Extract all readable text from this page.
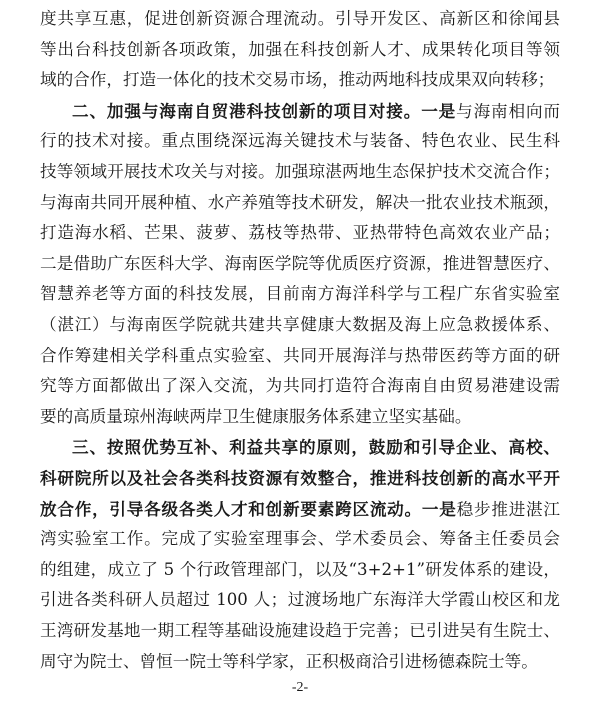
度共享互惠，促进创新资源合理流动。引导开发区、高新区和徐闻县
等出台科技创新各项政策，加强在科技创新人才、成果转化项目等领
域的合作，打造一体化的技术交易市场，推动两地科技成果双向转移；
二、加强与海南自贸港科技创新的项目对接。一是与海南相向而
行的技术对接。重点围绕深远海关键技术与装备、特色农业、民生科
技等领域开展技术攻关与对接。加强琼湛两地生态保护技术交流合作；
与海南共同开展种植、水产养殖等技术研发，解决一批农业技术瓶颈，
打造海水稻、芒果、菠萝、荔枝等热带、亚热带特色高效农业产品；
二是借助广东医科大学、海南医学院等优质医疗资源，推进智慧医疗、
智慧养老等方面的科技发展，目前南方海洋科学与工程广东省实验室
（湛江）与海南医学院就共建共享健康大数据及海上应急救援体系、
合作筹建相关学科重点实验室、共同开展海洋与热带医药等方面的研
究等方面都做出了深入交流，为共同打造符合海南自由贸易港建设需
要的高质量琼州海峡两岸卫生健康服务体系建立坚实基础。
三、按照优势互补、利益共享的原则，鼓励和引导企业、高校、
科研院所以及社会各类科技资源有效整合，推进科技创新的高水平开
放合作，引导各级各类人才和创新要素跨区流动。一是稳步推进湛江
湾实验室工作。完成了实验室理事会、学术委员会、筹备主任委员会
的组建，成立了 5 个行政管理部门，以及“3+2+1”研发体系的建设，
引进各类科研人员超过 100 人；过渡场地广东海洋大学霞山校区和龙
王湾研发基地一期工程等基础设施建设趋于完善；已引进吴有生院士、
周守为院士、曾恒一院士等科学家，正积极商洽引进杨德森院士等。
-2-
